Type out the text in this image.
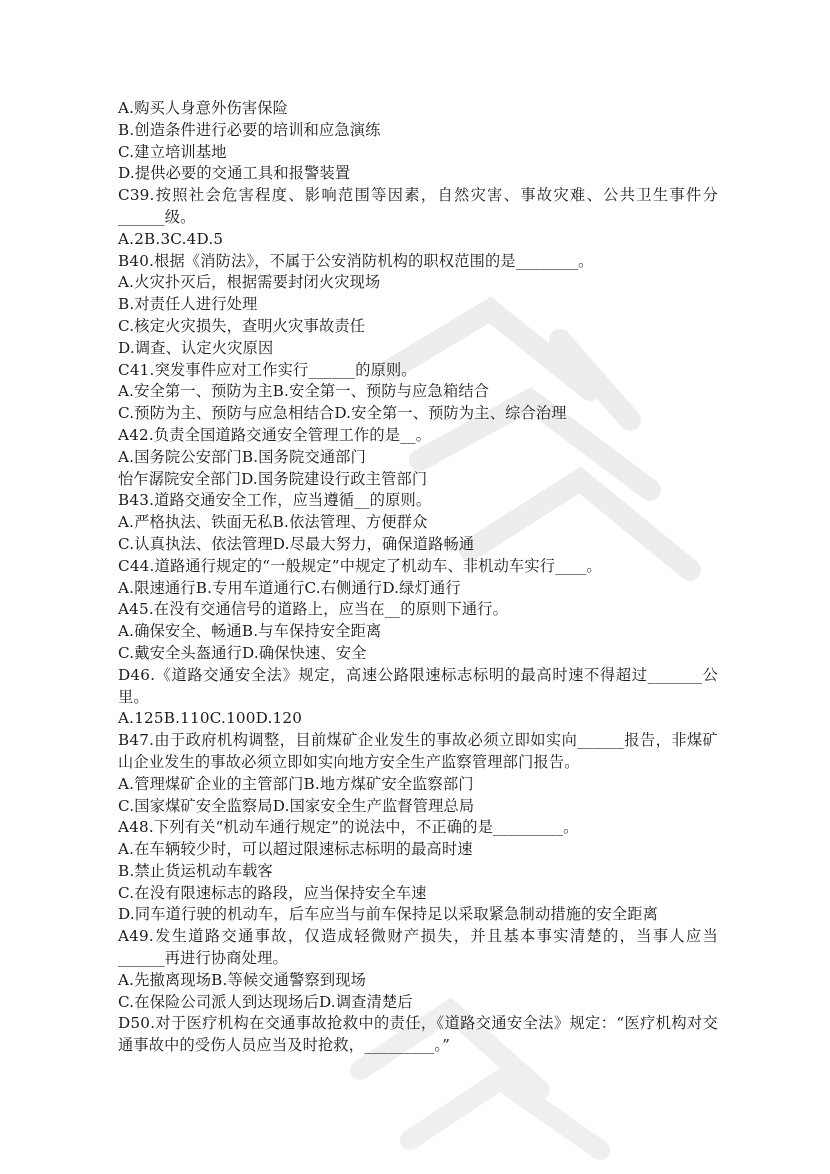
A.购买人身意外伤害保险

B.创造条件进行必要的培训和应急演练

C.建立培训基地

D.提供必要的交通工具和报警装置

C39.按照社会危害程度、影响范围等因素，自然灾害、事故灾难、公共卫生事件分______级。

A.2B.3C.4D.5

B40.根据《消防法》，不属于公安消防机构的职权范围的是________。

A.火灾扑灭后，根据需要封闭火灾现场

B.对责任人进行处理

C.核定火灾损失，查明火灾事故责任

D.调查、认定火灾原因

C41.突发事件应对工作实行______的原则。

A.安全第一、预防为主B.安全第一、预防与应急箱结合

C.预防为主、预防与应急相结合D.安全第一、预防为主、综合治理

A42.负责全国道路交通安全管理工作的是__。

A.国务院公安部门B.国务院交通部门

怡乍潺院安全部门D.国务院建设行政主管部门

B43.道路交通安全工作，应当遵循__的原则。

A.严格执法、铁面无私B.依法管理、方便群众

C.认真执法、依法管理D.尽最大努力，确保道路畅通

C44.道路通行规定的“一般规定”中规定了机动车、非机动车实行____。

A.限速通行B.专用车道通行C.右侧通行D.绿灯通行

A45.在没有交通信号的道路上，应当在__的原则下通行。

A.确保安全、畅通B.与车保持安全距离

C.戴安全头盔通行D.确保快速、安全

D46.《道路交通安全法》规定，高速公路限速标志标明的最高时速不得超过_______公里。

A.125B.110C.100D.120

B47.由于政府机构调整，目前煤矿企业发生的事故必须立即如实向______报告，非煤矿山企业发生的事故必须立即如实向地方安全生产监察管理部门报告。

A.管理煤矿企业的主管部门B.地方煤矿安全监察部门

C.国家煤矿安全监察局D.国家安全生产监督管理总局

A48.下列有关“机动车通行规定”的说法中，不正确的是_________。

A.在车辆较少时，可以超过限速标志标明的最高时速

B.禁止货运机动车载客

C.在没有限速标志的路段，应当保持安全车速

D.同车道行驶的机动车，后车应当与前车保持足以采取紧急制动措施的安全距离

A49.发生道路交通事故，仅造成轻微财产损失，并且基本事实清楚的，当事人应当______再进行协商处理。

A.先撤离现场B.等候交通警察到现场

C.在保险公司派人到达现场后D.调查清楚后

D50.对于医疗机构在交通事故抢救中的责任，《道路交通安全法》规定：“医疗机构对交通事故中的受伤人员应当及时抢救，_________。”
